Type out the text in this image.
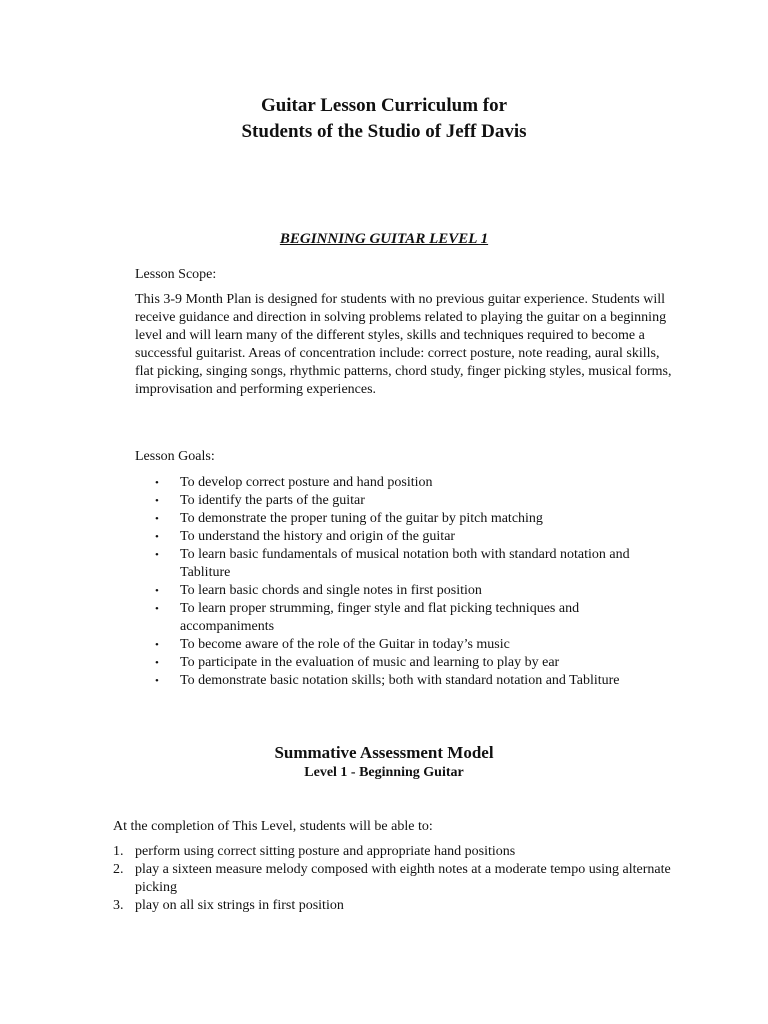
Guitar Lesson Curriculum for
Students of the Studio of Jeff Davis
BEGINNING GUITAR LEVEL 1
Lesson Scope:
This 3-9 Month Plan is designed for students with no previous guitar experience. Students will receive guidance and direction in solving problems related to playing the guitar on a beginning level and will learn many of the different styles, skills and techniques required to become a successful guitarist. Areas of concentration include: correct posture, note reading, aural skills, flat picking, singing songs, rhythmic patterns, chord study, finger picking styles, musical forms, improvisation and performing experiences.
Lesson Goals:
• To develop correct posture and hand position
• To identify the parts of the guitar
• To demonstrate the proper tuning of the guitar by pitch matching
• To understand the history and origin of the guitar
• To learn basic fundamentals of musical notation both with standard notation and Tabliture
• To learn basic chords and single notes in first position
• To learn proper strumming, finger style and flat picking techniques and accompaniments
• To become aware of the role of the Guitar in today’s music
• To participate in the evaluation of music and learning to play by ear
• To demonstrate basic notation skills; both with standard notation and Tabliture
Summative Assessment Model
Level 1 - Beginning Guitar
At the completion of This Level, students will be able to:
1. perform using correct sitting posture and appropriate hand positions
2. play a sixteen measure melody composed with eighth notes at a moderate tempo using alternate picking
3. play on all six strings in first position
